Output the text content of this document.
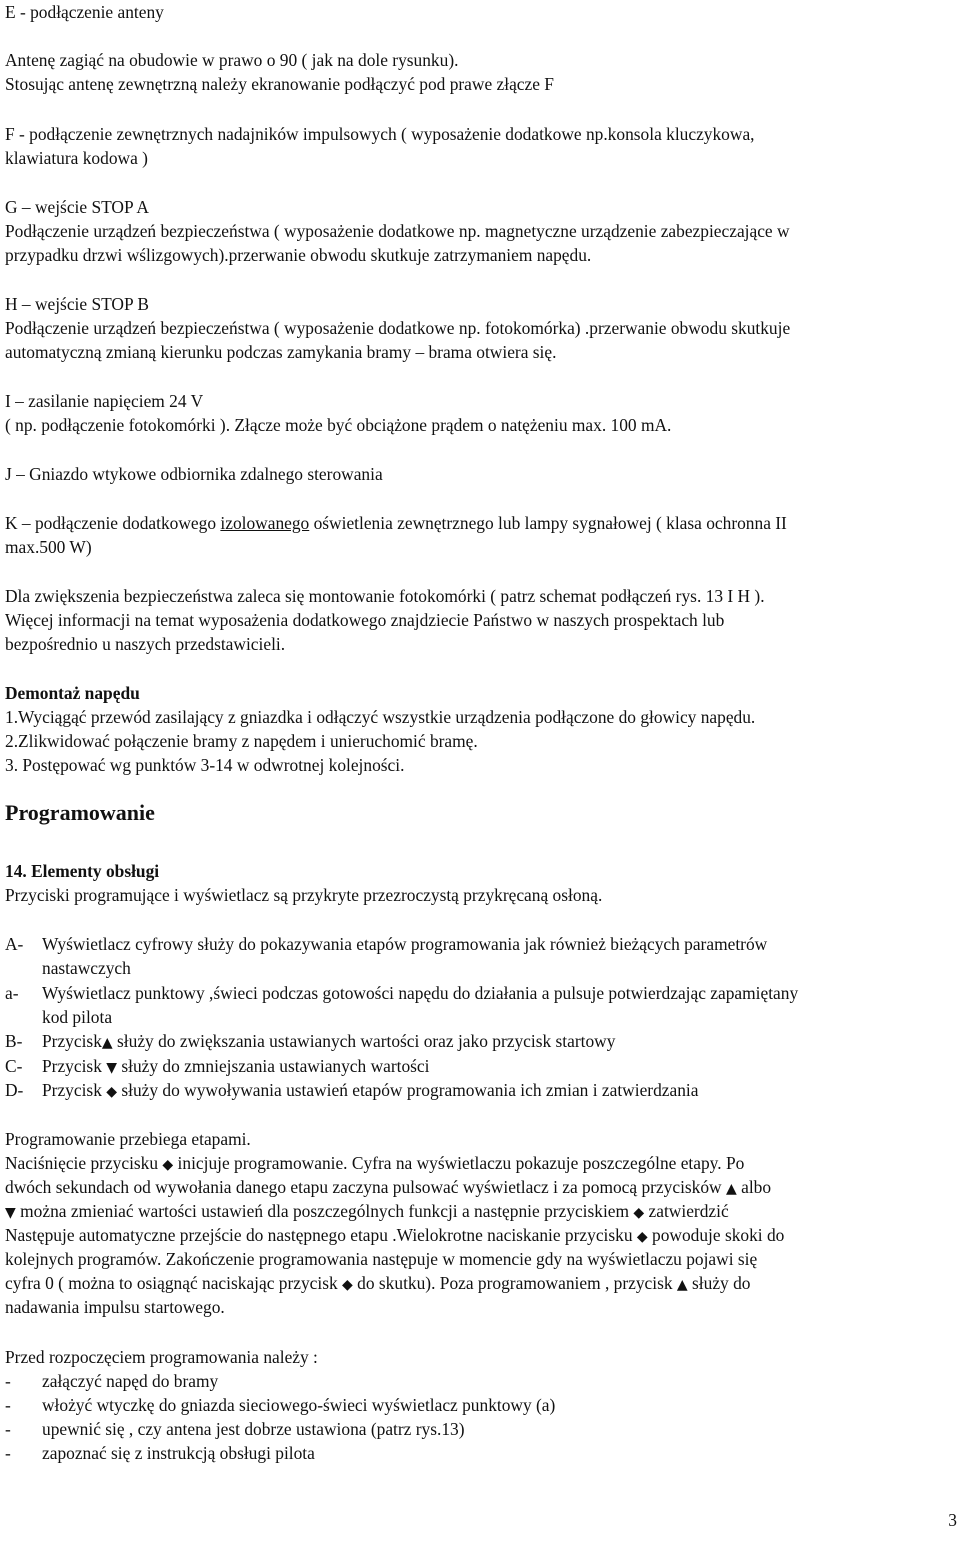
E - podłączenie anteny
Antenę zagiąć na obudowie w prawo o 90 ( jak na dole rysunku).
Stosując antenę zewnętrzną należy ekranowanie podłączyć pod prawe złącze F
F - podłączenie zewnętrznych nadajników impulsowych ( wyposażenie dodatkowe np.konsola kluczykowa,
klawiatura kodowa )
G – wejście STOP A
Podłączenie urządzeń bezpieczeństwa ( wyposażenie dodatkowe np. magnetyczne urządzenie zabezpieczające w
przypadku drzwi wślizgowych).przerwanie obwodu skutkuje zatrzymaniem napędu.
H – wejście STOP B
Podłączenie urządzeń bezpieczeństwa ( wyposażenie dodatkowe np. fotokomórka) .przerwanie obwodu skutkuje
automatyczną zmianą kierunku podczas zamykania bramy – brama otwiera się.
I – zasilanie napięciem 24 V
( np. podłączenie fotokomórki ). Złącze może być obciążone prądem o natężeniu max. 100 mA.
J – Gniazdo wtykowe odbiornika zdalnego sterowania
K – podłączenie dodatkowego izolowanego oświetlenia zewnętrznego lub lampy sygnałowej ( klasa ochronna II
max.500 W)
Dla zwiększenia bezpieczeństwa zaleca się montowanie fotokomórki ( patrz schemat podłączeń rys. 13 I H ).
Więcej informacji na temat wyposażenia dodatkowego znajdziecie Państwo w naszych prospektach lub
bezpośrednio u naszych przedstawicieli.
Demontaż napędu
1.Wyciągąć przewód zasilający z gniazdka i odłączyć wszystkie urządzenia podłączone do głowicy napędu.
2.Zlikwidować połączenie bramy z napędem i unieruchomić bramę.
3. Postępować wg punktów 3-14 w odwrotnej kolejności.
Programowanie
14. Elementy obsługi
Przyciski programujące i wyświetlacz są przykryte przezroczystą przykręcaną osłoną.
A- Wyświetlacz cyfrowy służy do pokazywania etapów programowania jak również bieżących parametrów
nastawczych
a- Wyświetlacz punktowy ,świeci podczas gotowości napędu do działania a pulsuje potwierdzając zapamiętany
kod pilota
B- Przycisk▲ służy do zwiększania ustawianych wartości oraz jako przycisk startowy
C- Przycisk ▼ służy do zmniejszania ustawianych wartości
D- Przycisk ◆ służy do wywoływania ustawień etapów programowania ich zmian i zatwierdzania
Programowanie przebiega etapami.
Naciśnięcie przycisku ◆ inicjuje programowanie. Cyfra na wyświetlaczu pokazuje poszczególne etapy. Po
dwóch sekundach od wywołania danego etapu zaczyna pulsować wyświetlacz i za pomocą przycisków ▲ albo
▼ można zmieniać wartości ustawień dla poszczególnych funkcji a następnie przyciskiem ◆ zatwierdzić
Następuje automatyczne przejście do następnego etapu .Wielokrotne naciskanie przycisku ◆ powoduje skoki do
kolejnych programów. Zakończenie programowania następuje w momencie gdy na wyświetlaczu pojawi się
cyfra 0 ( można to osiągnąć naciskając przycisk ◆ do skutku). Poza programowaniem , przycisk ▲ służy do
nadawania impulsu startowego.
Przed rozpoczęciem programowania należy :
- załączyć napęd do bramy
- włożyć wtyczkę do gniazda sieciowego-świeci wyświetlacz punktowy (a)
- upewnić się , czy antena jest dobrze ustawiona (patrz rys.13)
- zapoznać się z instrukcją obsługi pilota
3
